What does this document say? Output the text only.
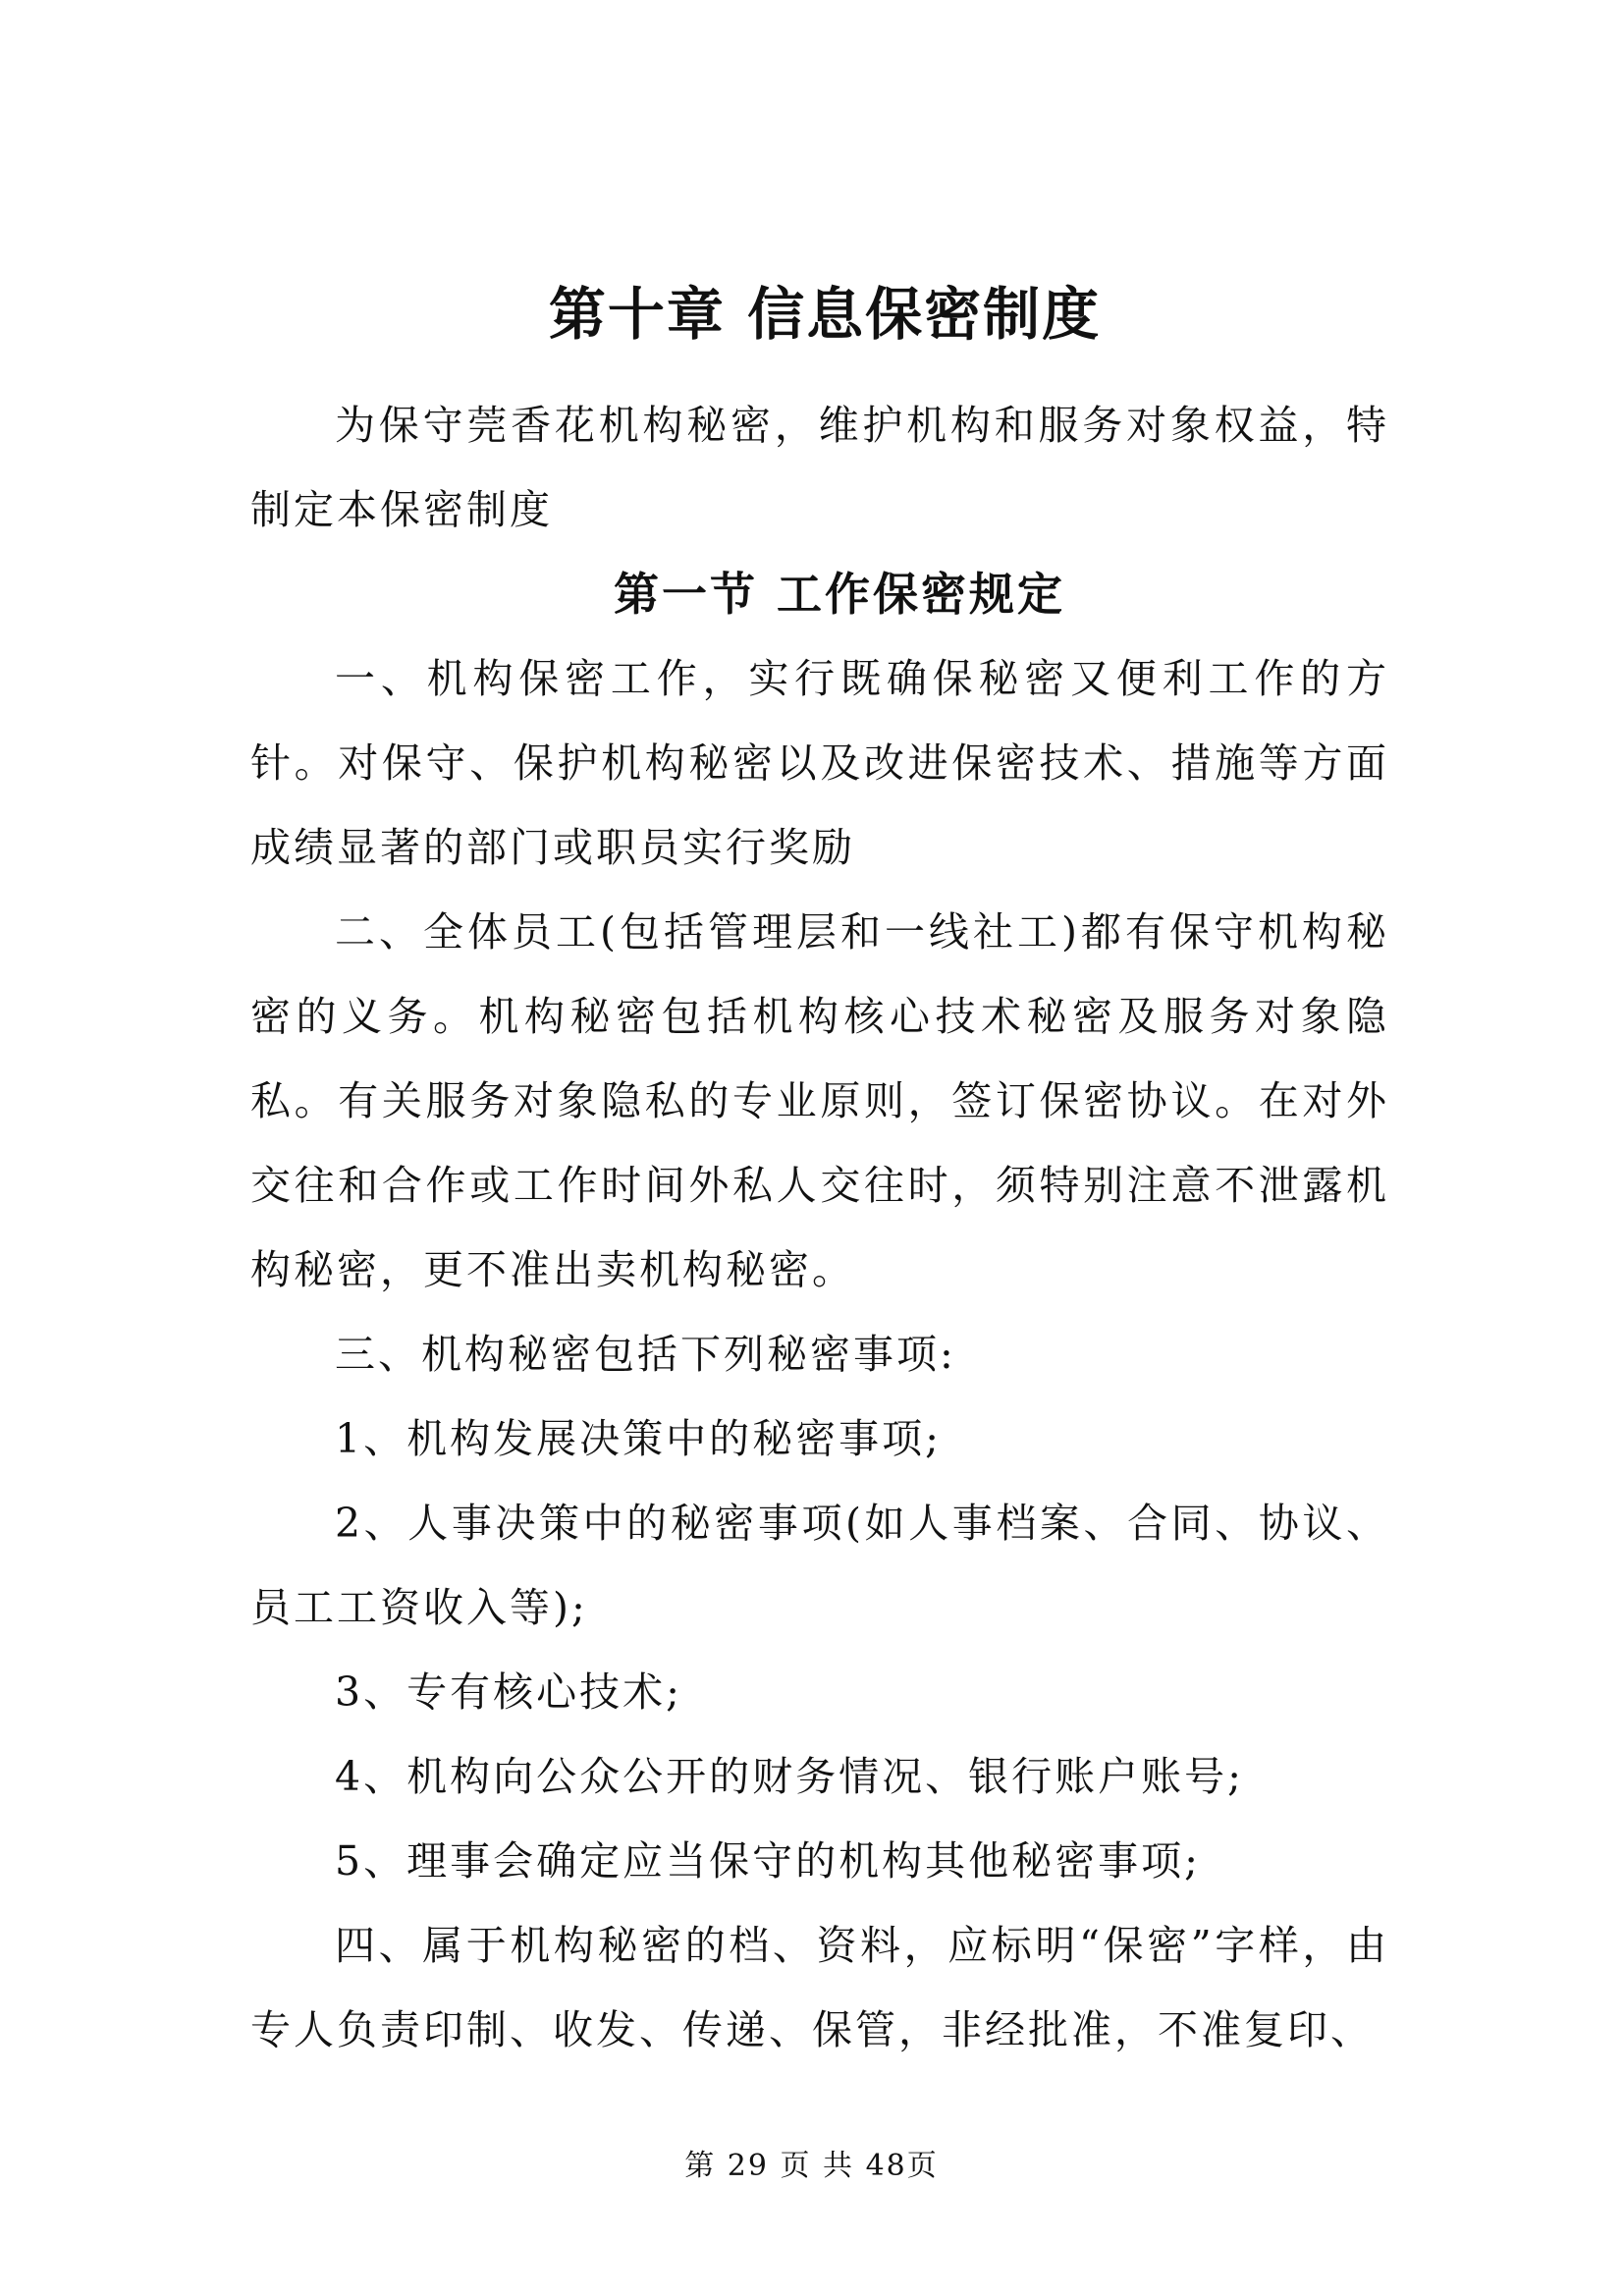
第十章 信息保密制度

为保守莞香花机构秘密，维护机构和服务对象权益，特制定本保密制度

第一节 工作保密规定

一、机构保密工作，实行既确保秘密又便利工作的方针。对保守、保护机构秘密以及改进保密技术、措施等方面成绩显著的部门或职员实行奖励

二、全体员工(包括管理层和一线社工)都有保守机构秘密的义务。机构秘密包括机构核心技术秘密及服务对象隐私。有关服务对象隐私的专业原则，签订保密协议。在对外交往和合作或工作时间外私人交往时，须特别注意不泄露机构秘密，更不准出卖机构秘密。

三、机构秘密包括下列秘密事项:

1、机构发展决策中的秘密事项;

2、人事决策中的秘密事项(如人事档案、合同、协议、员工工资收入等);

3、专有核心技术;

4、机构向公众公开的财务情况、银行账户账号;

5、理事会确定应当保守的机构其他秘密事项;

四、属于机构秘密的档、资料，应标明“保密”字样，由专人负责印制、收发、传递、保管，非经批准，不准复印、

第 29 页 共 48页
